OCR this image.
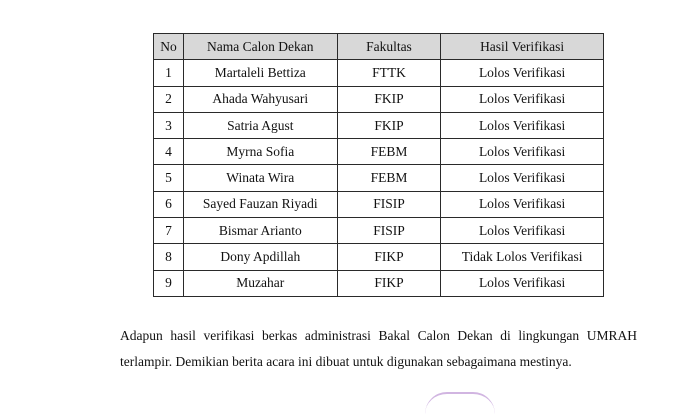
No	Nama Calon Dekan	Fakultas	Hasil Verifikasi
1	Martaleli Bettiza	FTTK	Lolos Verifikasi
2	Ahada Wahyusari	FKIP	Lolos Verifikasi
3	Satria Agust	FKIP	Lolos Verifikasi
4	Myrna Sofia	FEBM	Lolos Verifikasi
5	Winata Wira	FEBM	Lolos Verifikasi
6	Sayed Fauzan Riyadi	FISIP	Lolos Verifikasi
7	Bismar Arianto	FISIP	Lolos Verifikasi
8	Dony Apdillah	FIKP	Tidak Lolos Verifikasi
9	Muzahar	FIKP	Lolos Verifikasi
Adapun hasil verifikasi berkas administrasi Bakal Calon Dekan di lingkungan UMRAH
terlampir. Demikian berita acara ini dibuat untuk digunakan sebagaimana mestinya.
